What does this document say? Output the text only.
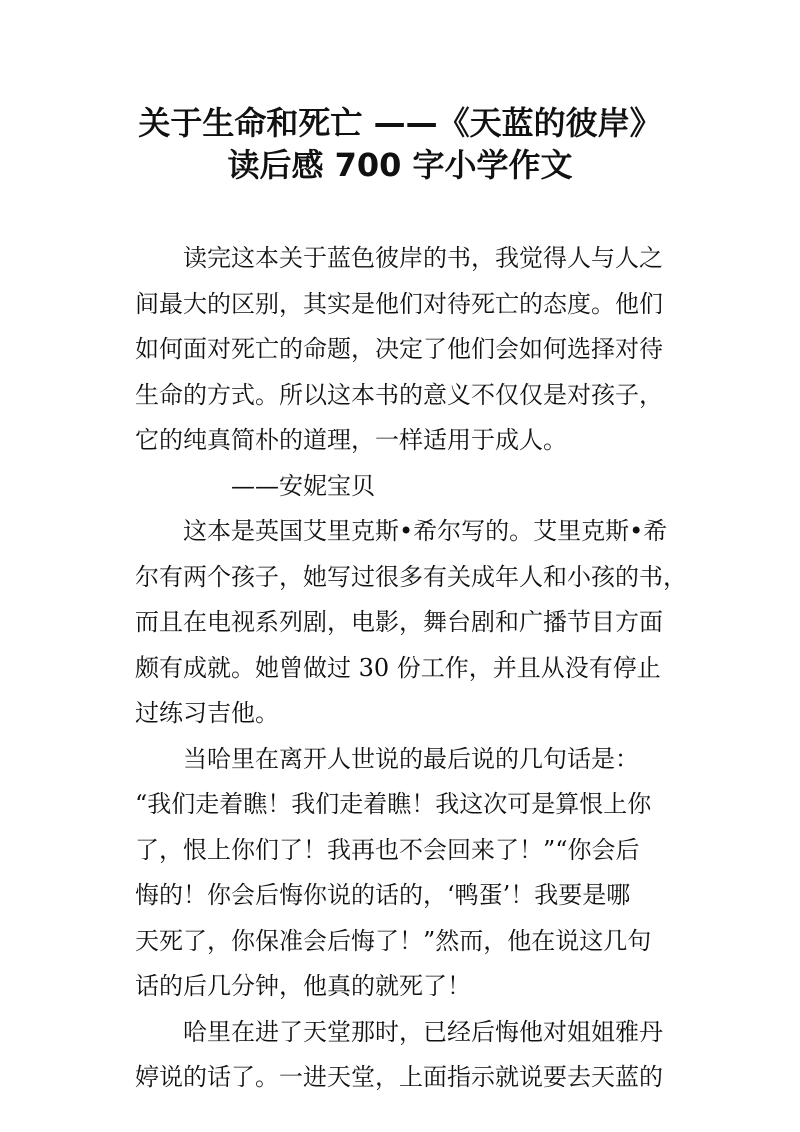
关于生命和死亡 ——《天蓝的彼岸》
读后感 700 字小学作文

读完这本关于蓝色彼岸的书，我觉得人与人之

间最大的区别，其实是他们对待死亡的态度。他们

如何面对死亡的命题，决定了他们会如何选择对待

生命的方式。所以这本书的意义不仅仅是对孩子，

它的纯真简朴的道理，一样适用于成人。

——安妮宝贝

这本是英国艾里克斯•希尔写的。艾里克斯•希

尔有两个孩子，她写过很多有关成年人和小孩的书，

而且在电视系列剧，电影，舞台剧和广播节目方面

颇有成就。她曾做过 30 份工作，并且从没有停止

过练习吉他。

当哈里在离开人世说的最后说的几句话是：

“我们走着瞧！我们走着瞧！我这次可是算恨上你

了，恨上你们了！我再也不会回来了！”“你会后

悔的！你会后悔你说的话的，‘鸭蛋’！我要是哪

天死了，你保准会后悔了！”然而，他在说这几句

话的后几分钟，他真的就死了！

哈里在进了天堂那时，已经后悔他对姐姐雅丹

婷说的话了。一进天堂，上面指示就说要去天蓝的
